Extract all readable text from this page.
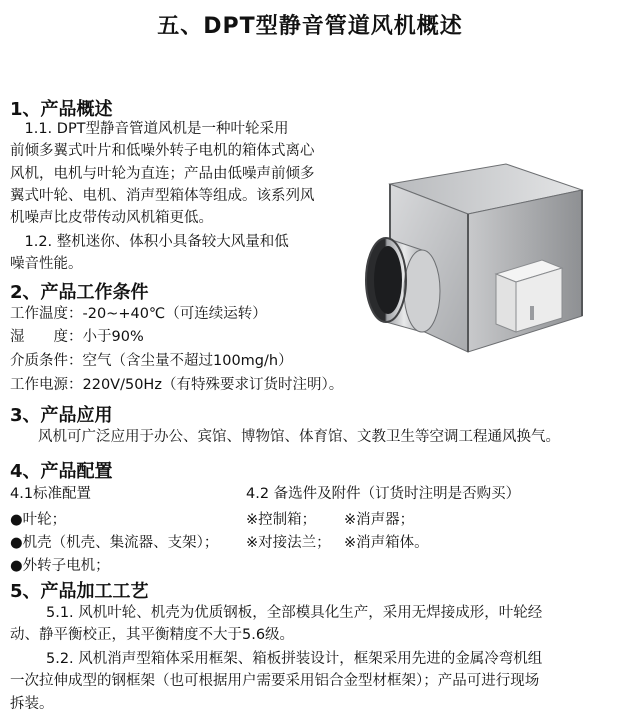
五、DPT型静音管道风机概述
1、产品概述
　1.1. DPT型静音管道风机是一种叶轮采用
前倾多翼式叶片和低噪外转子电机的箱体式离心
风机，电机与叶轮为直连；产品由低噪声前倾多
翼式叶轮、电机、消声型箱体等组成。该系列风
机噪声比皮带传动风机箱更低。
　1.2. 整机迷你、体积小具备较大风量和低
噪音性能。
2、产品工作条件
工作温度：-20~+40℃（可连续运转）
湿　　度：小于90%
介质条件：空气（含尘量不超过100mg/h）
工作电源：220V/50Hz（有特殊要求订货时注明）。
3、产品应用
风机可广泛应用于办公、宾馆、博物馆、体育馆、文教卫生等空调工程通风换气。
4、产品配置
4.1标准配置	4.2 备选件及附件（订货时注明是否购买）
●叶轮；	※控制箱； ※消声器；
●机壳（机壳、集流器、支架）； ※对接法兰； ※消声箱体。
●外转子电机；
5、产品加工工艺
5.1. 风机叶轮、机壳为优质钢板，全部模具化生产，采用无焊接成形，叶轮经
动、静平衡校正，其平衡精度不大于5.6级。
5.2. 风机消声型箱体采用框架、箱板拼装设计，框架采用先进的金属冷弯机组
一次拉伸成型的钢框架（也可根据用户需要采用铝合金型材框架）；产品可进行现场
拆装。
